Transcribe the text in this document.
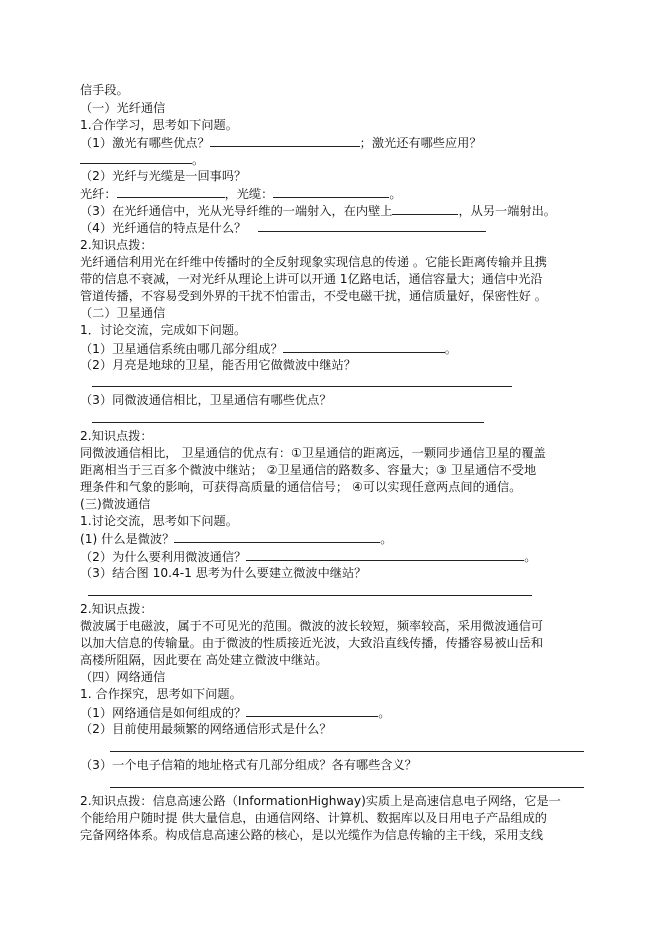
信手段。
（一）光纤通信
1.合作学习，思考如下问题。
（1）激光有哪些优点？	；激光还有哪些应用？
。
（2）光纤与光缆是一回事吗？
光纤：	，光缆：	。
（3）在光纤通信中，光从光导纤维的一端射入，在内壁上	，从另一端射出。
（4）光纤通信的特点是什么？
2.知识点拨：
光纤通信利用光在纤维中传播时的全反射现象实现信息的传递 。它能长距离传输并且携
带的信息不衰减，一对光纤从理论上讲可以开通 1亿路电话，通信容量大；通信中光沿
管道传播，不容易受到外界的干扰不怕雷击，不受电磁干扰，通信质量好，保密性好 。
（二）卫星通信
1．讨论交流，完成如下问题。
（1）卫星通信系统由哪几部分组成？	。
（2）月亮是地球的卫星，能否用它做微波中继站？
（3）同微波通信相比，卫星通信有哪些优点？
2.知识点拨：
同微波通信相比， 卫星通信的优点有：①卫星通信的距离远，一颗同步通信卫星的覆盖
距离相当于三百多个微波中继站； ②卫星通信的路数多、容量大；③ 卫星通信不受地
理条件和气象的影响，可获得高质量的通信信号； ④可以实现任意两点间的通信。
(三)微波通信
1.讨论交流，思考如下问题。
(1) 什么是微波？	。
（2）为什么要利用微波通信？	。
（3）结合图 10.4-1 思考为什么要建立微波中继站？
2.知识点拨：
微波属于电磁波，属于不可见光的范围。微波的波长较短，频率较高，采用微波通信可
以加大信息的传输量。由于微波的性质接近光波，大致沿直线传播，传播容易被山岳和
高楼所阻隔，因此要在 高处建立微波中继站。
（四）网络通信
1. 合作探究，思考如下问题。
（1）网络通信是如何组成的？	。
（2）目前使用最频繁的网络通信形式是什么？
（3）一个电子信箱的地址格式有几部分组成？各有哪些含义？
2.知识点拨：信息高速公路（InformationHighway)实质上是高速信息电子网络，它是一
个能给用户随时提 供大量信息，由通信网络、计算机、数据库以及日用电子产品组成的
完备网络体系。构成信息高速公路的核心，是以光缆作为信息传输的主干线，采用支线
